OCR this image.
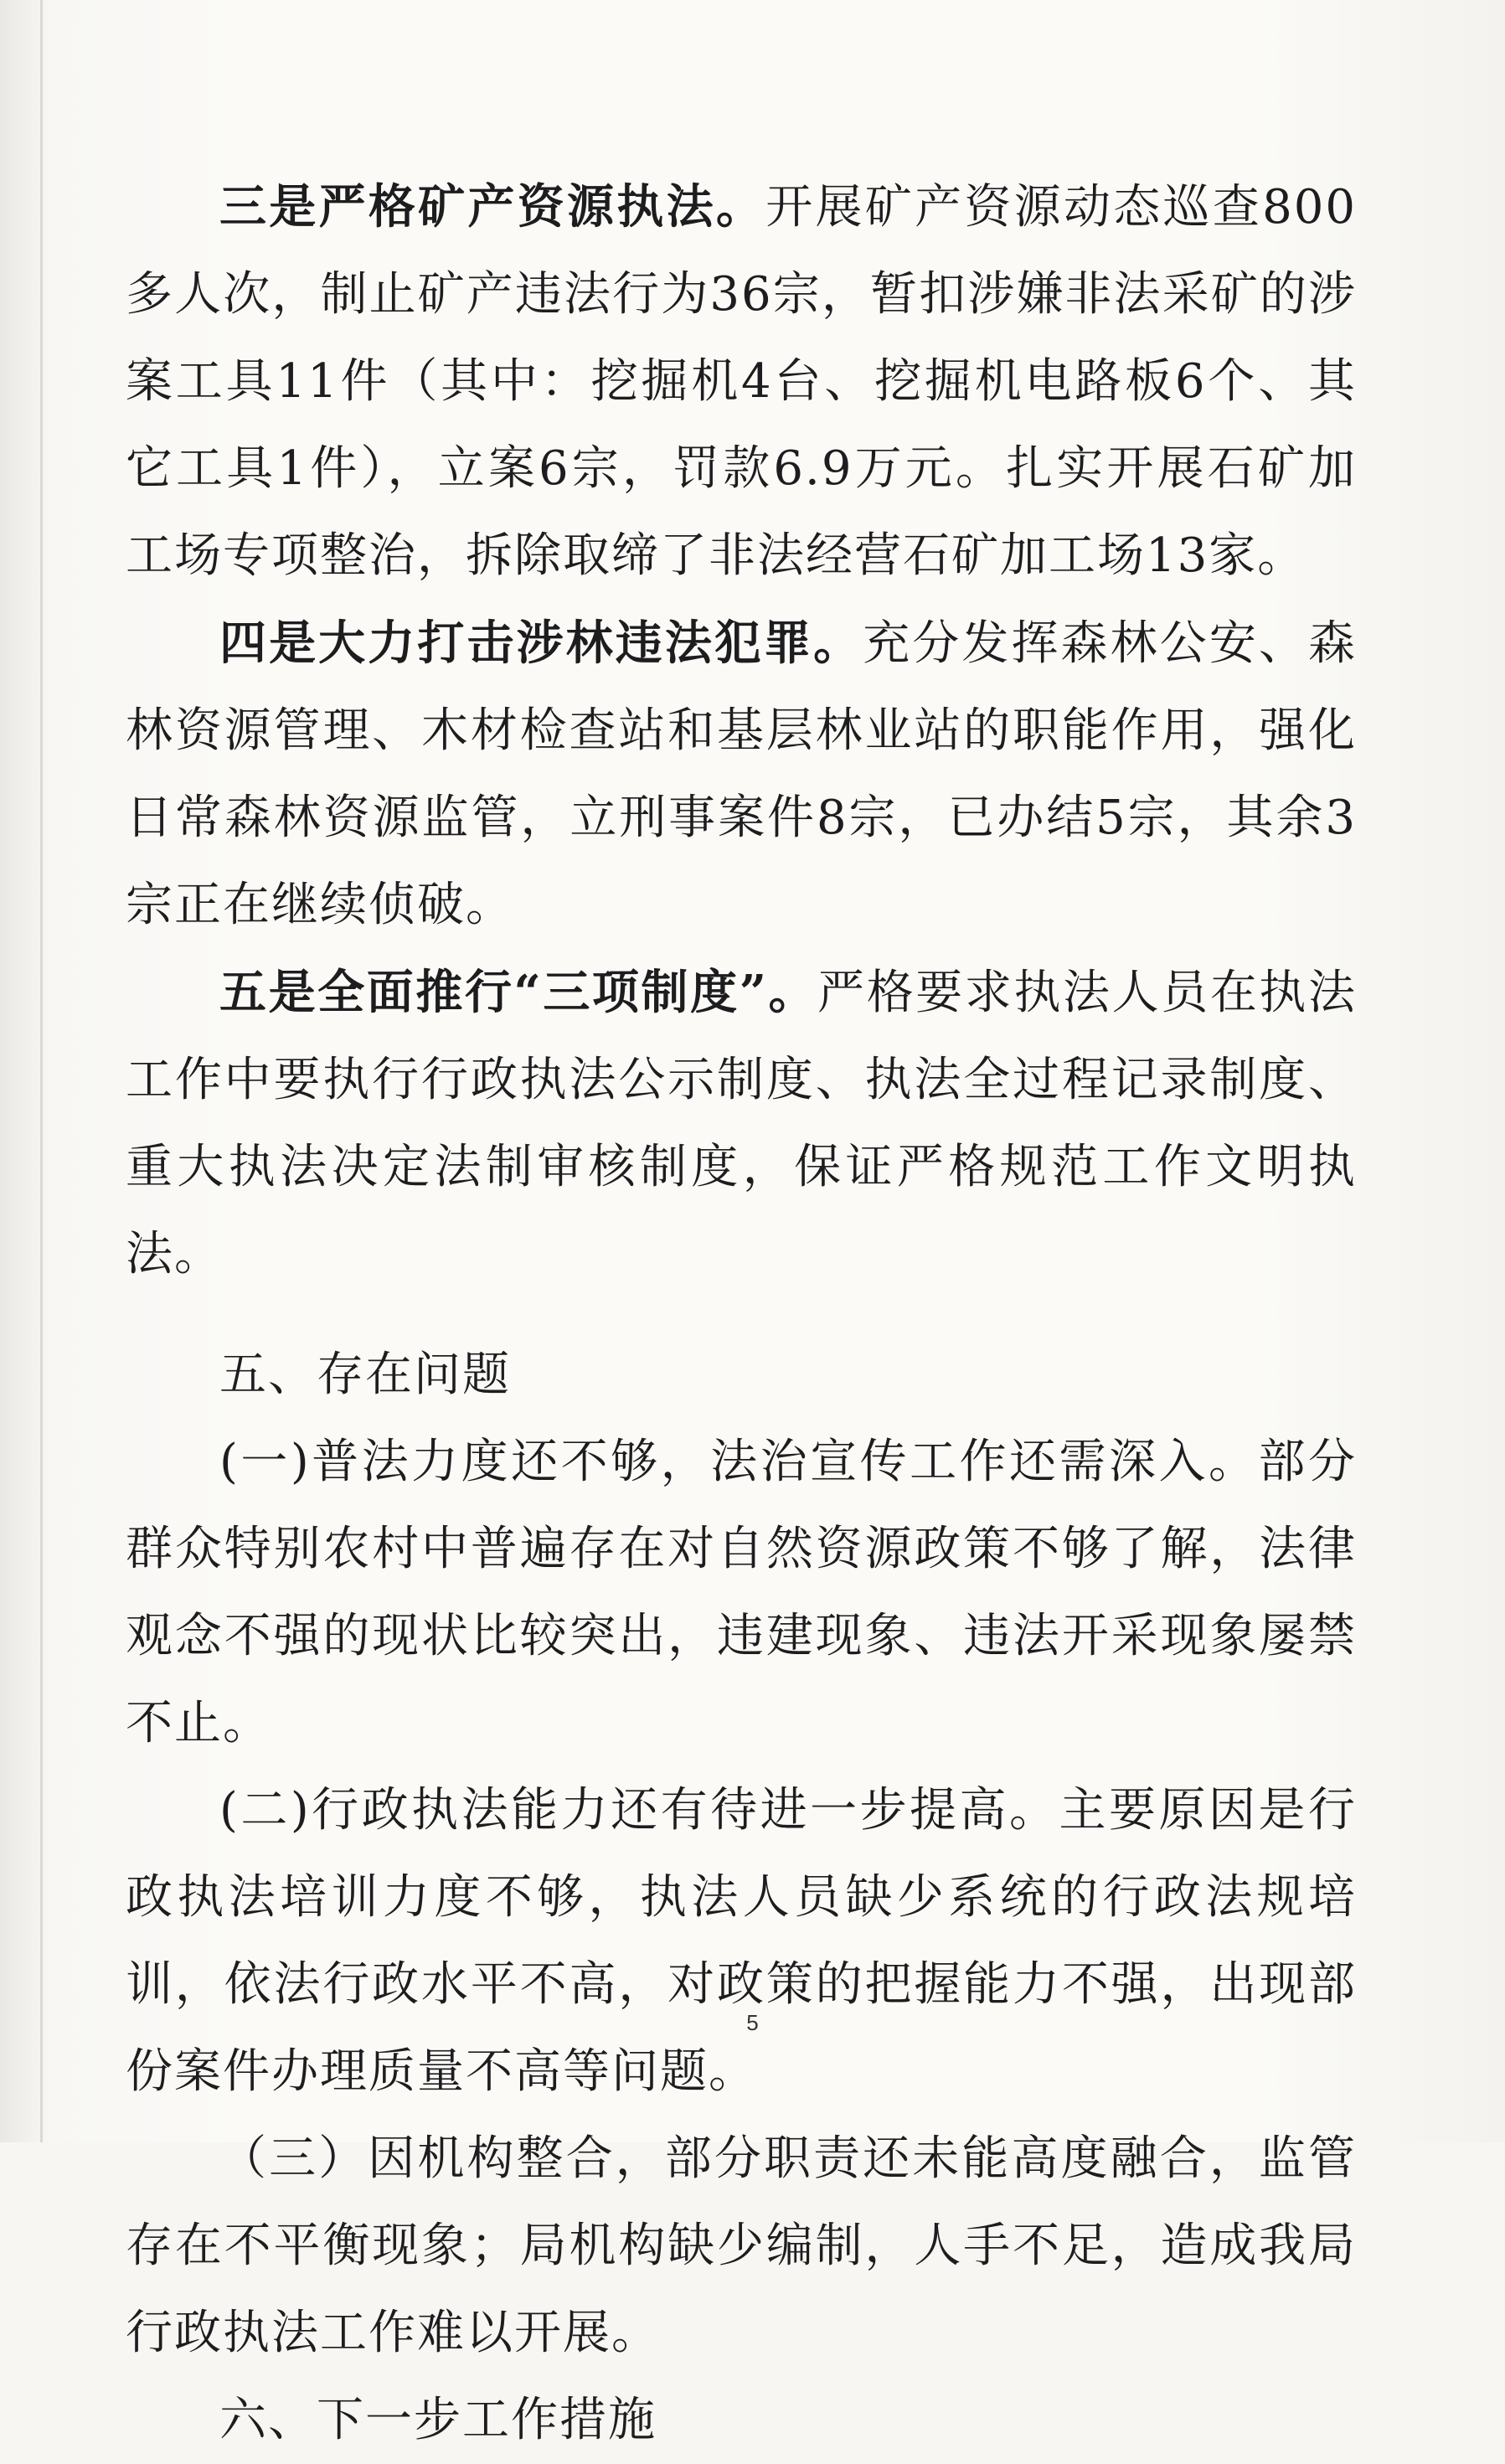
三是严格矿产资源执法。开展矿产资源动态巡查800多人次，制止矿产违法行为36宗，暂扣涉嫌非法采矿的涉案工具11件（其中：挖掘机4台、挖掘机电路板6个、其它工具1件），立案6宗，罚款6.9万元。扎实开展石矿加工场专项整治，拆除取缔了非法经营石矿加工场13家。

四是大力打击涉林违法犯罪。充分发挥森林公安、森林资源管理、木材检查站和基层林业站的职能作用，强化日常森林资源监管，立刑事案件8宗，已办结5宗，其余3宗正在继续侦破。

五是全面推行“三项制度”。严格要求执法人员在执法工作中要执行行政执法公示制度、执法全过程记录制度、重大执法决定法制审核制度，保证严格规范工作文明执法。

五、存在问题

(一)普法力度还不够，法治宣传工作还需深入。部分群众特别农村中普遍存在对自然资源政策不够了解，法律观念不强的现状比较突出，违建现象、违法开采现象屡禁不止。

(二)行政执法能力还有待进一步提高。主要原因是行政执法培训力度不够，执法人员缺少系统的行政法规培训，依法行政水平不高，对政策的把握能力不强，出现部份案件办理质量不高等问题。

（三）因机构整合，部分职责还未能高度融合，监管存在不平衡现象；局机构缺少编制，人手不足，造成我局行政执法工作难以开展。

六、下一步工作措施

5
